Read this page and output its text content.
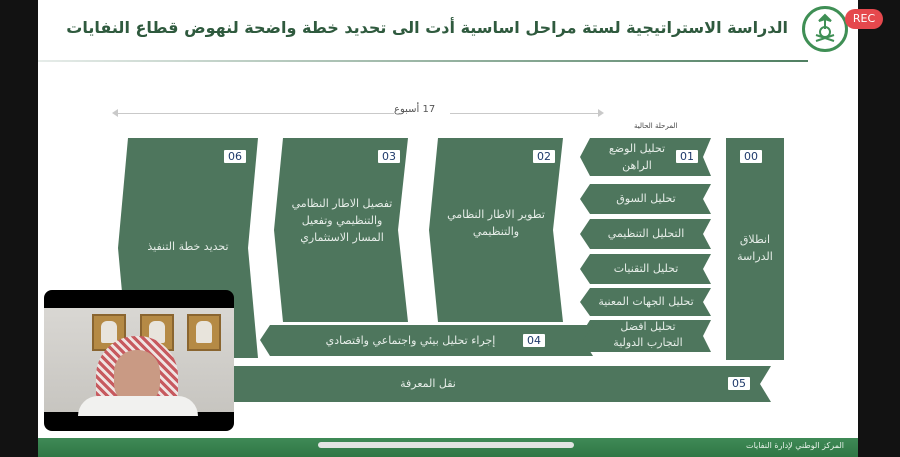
REC
الدراسة الاستراتيجية لستة مراحل اساسية أدت الى تحديد خطة واضحة لنهوض قطاع النفايات
17 أسبوع
المرحلة الحالية
06
تحديد خطة التنفيذ
03
تفصيل الاطار النظامي والتنظيمي وتفعيل المسار الاستثماري
02
تطوير الاطار النظامي والتنظيمي
00
انطلاق الدراسة
01
تحليل الوضع الراهن
تحليل السوق
التحليل التنظيمي
تحليل التقنيات
تحليل الجهات المعنية
تحليل افضل التجارب الدولية
04
إجراء تحليل بيئي واجتماعي واقتصادي
05
نقل المعرفة
المركز الوطني لإدارة النفايات
